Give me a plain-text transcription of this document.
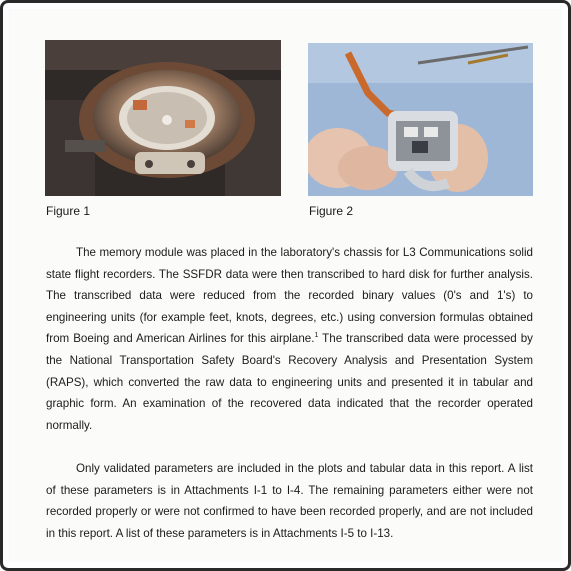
Figure 1	Figure 2

The memory module was placed in the laboratory's chassis for L3 Communications solid state flight recorders. The SSFDR data were then transcribed to hard disk for further analysis. The transcribed data were reduced from the recorded binary values (0's and 1's) to engineering units (for example feet, knots, degrees, etc.) using conversion formulas obtained from Boeing and American Airlines for this airplane.$^1$ The transcribed data were processed by the National Transportation Safety Board's Recovery Analysis and Presentation System (RAPS), which converted the raw data to engineering units and presented it in tabular and graphic form. An examination of the recovered data indicated that the recorder operated normally.

Only validated parameters are included in the plots and tabular data in this report. A list of these parameters is in Attachments I-1 to I-4. The remaining parameters either were not recorded properly or were not confirmed to have been recorded properly, and are not included in this report. A list of these parameters is in Attachments I-5 to I-13.
